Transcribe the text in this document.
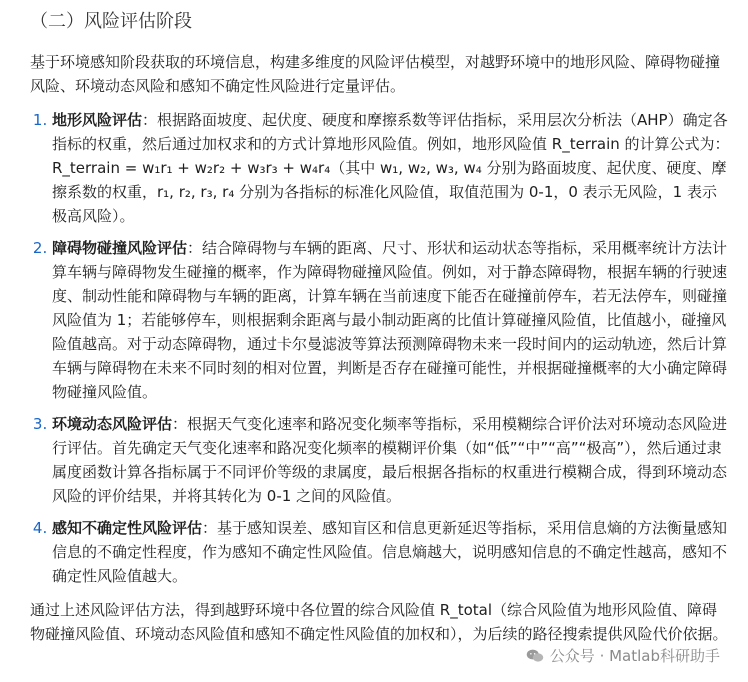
（二）风险评估阶段

基于环境感知阶段获取的环境信息，构建多维度的风险评估模型，对越野环境中的地形风险、障碍物碰撞风险、环境动态风险和感知不确定性风险进行定量评估。

1. 地形风险评估：根据路面坡度、起伏度、硬度和摩擦系数等评估指标，采用层次分析法（AHP）确定各指标的权重，然后通过加权求和的方式计算地形风险值。例如，地形风险值 R_terrain 的计算公式为：R_terrain = w₁r₁ + w₂r₂ + w₃r₃ + w₄r₄（其中 w₁, w₂, w₃, w₄ 分别为路面坡度、起伏度、硬度、摩擦系数的权重，r₁, r₂, r₃, r₄ 分别为各指标的标准化风险值，取值范围为 0-1，0 表示无风险，1 表示极高风险）。
2. 障碍物碰撞风险评估：结合障碍物与车辆的距离、尺寸、形状和运动状态等指标，采用概率统计方法计算车辆与障碍物发生碰撞的概率，作为障碍物碰撞风险值。例如，对于静态障碍物，根据车辆的行驶速度、制动性能和障碍物与车辆的距离，计算车辆在当前速度下能否在碰撞前停车，若无法停车，则碰撞风险值为 1；若能够停车，则根据剩余距离与最小制动距离的比值计算碰撞风险值，比值越小，碰撞风险值越高。对于动态障碍物，通过卡尔曼滤波等算法预测障碍物未来一段时间内的运动轨迹，然后计算车辆与障碍物在未来不同时刻的相对位置，判断是否存在碰撞可能性，并根据碰撞概率的大小确定障碍物碰撞风险值。
3. 环境动态风险评估：根据天气变化速率和路况变化频率等指标，采用模糊综合评价法对环境动态风险进行评估。首先确定天气变化速率和路况变化频率的模糊评价集（如“低”“中”“高”“极高”），然后通过隶属度函数计算各指标属于不同评价等级的隶属度，最后根据各指标的权重进行模糊合成，得到环境动态风险的评价结果，并将其转化为 0-1 之间的风险值。
4. 感知不确定性风险评估：基于感知误差、感知盲区和信息更新延迟等指标，采用信息熵的方法衡量感知信息的不确定性程度，作为感知不确定性风险值。信息熵越大，说明感知信息的不确定性越高，感知不确定性风险值越大。

通过上述风险评估方法，得到越野环境中各位置的综合风险值 R_total（综合风险值为地形风险值、障碍物碰撞风险值、环境动态风险值和感知不确定性风险值的加权和），为后续的路径搜索提供风险代价依据。

公众号 · Matlab科研助手
